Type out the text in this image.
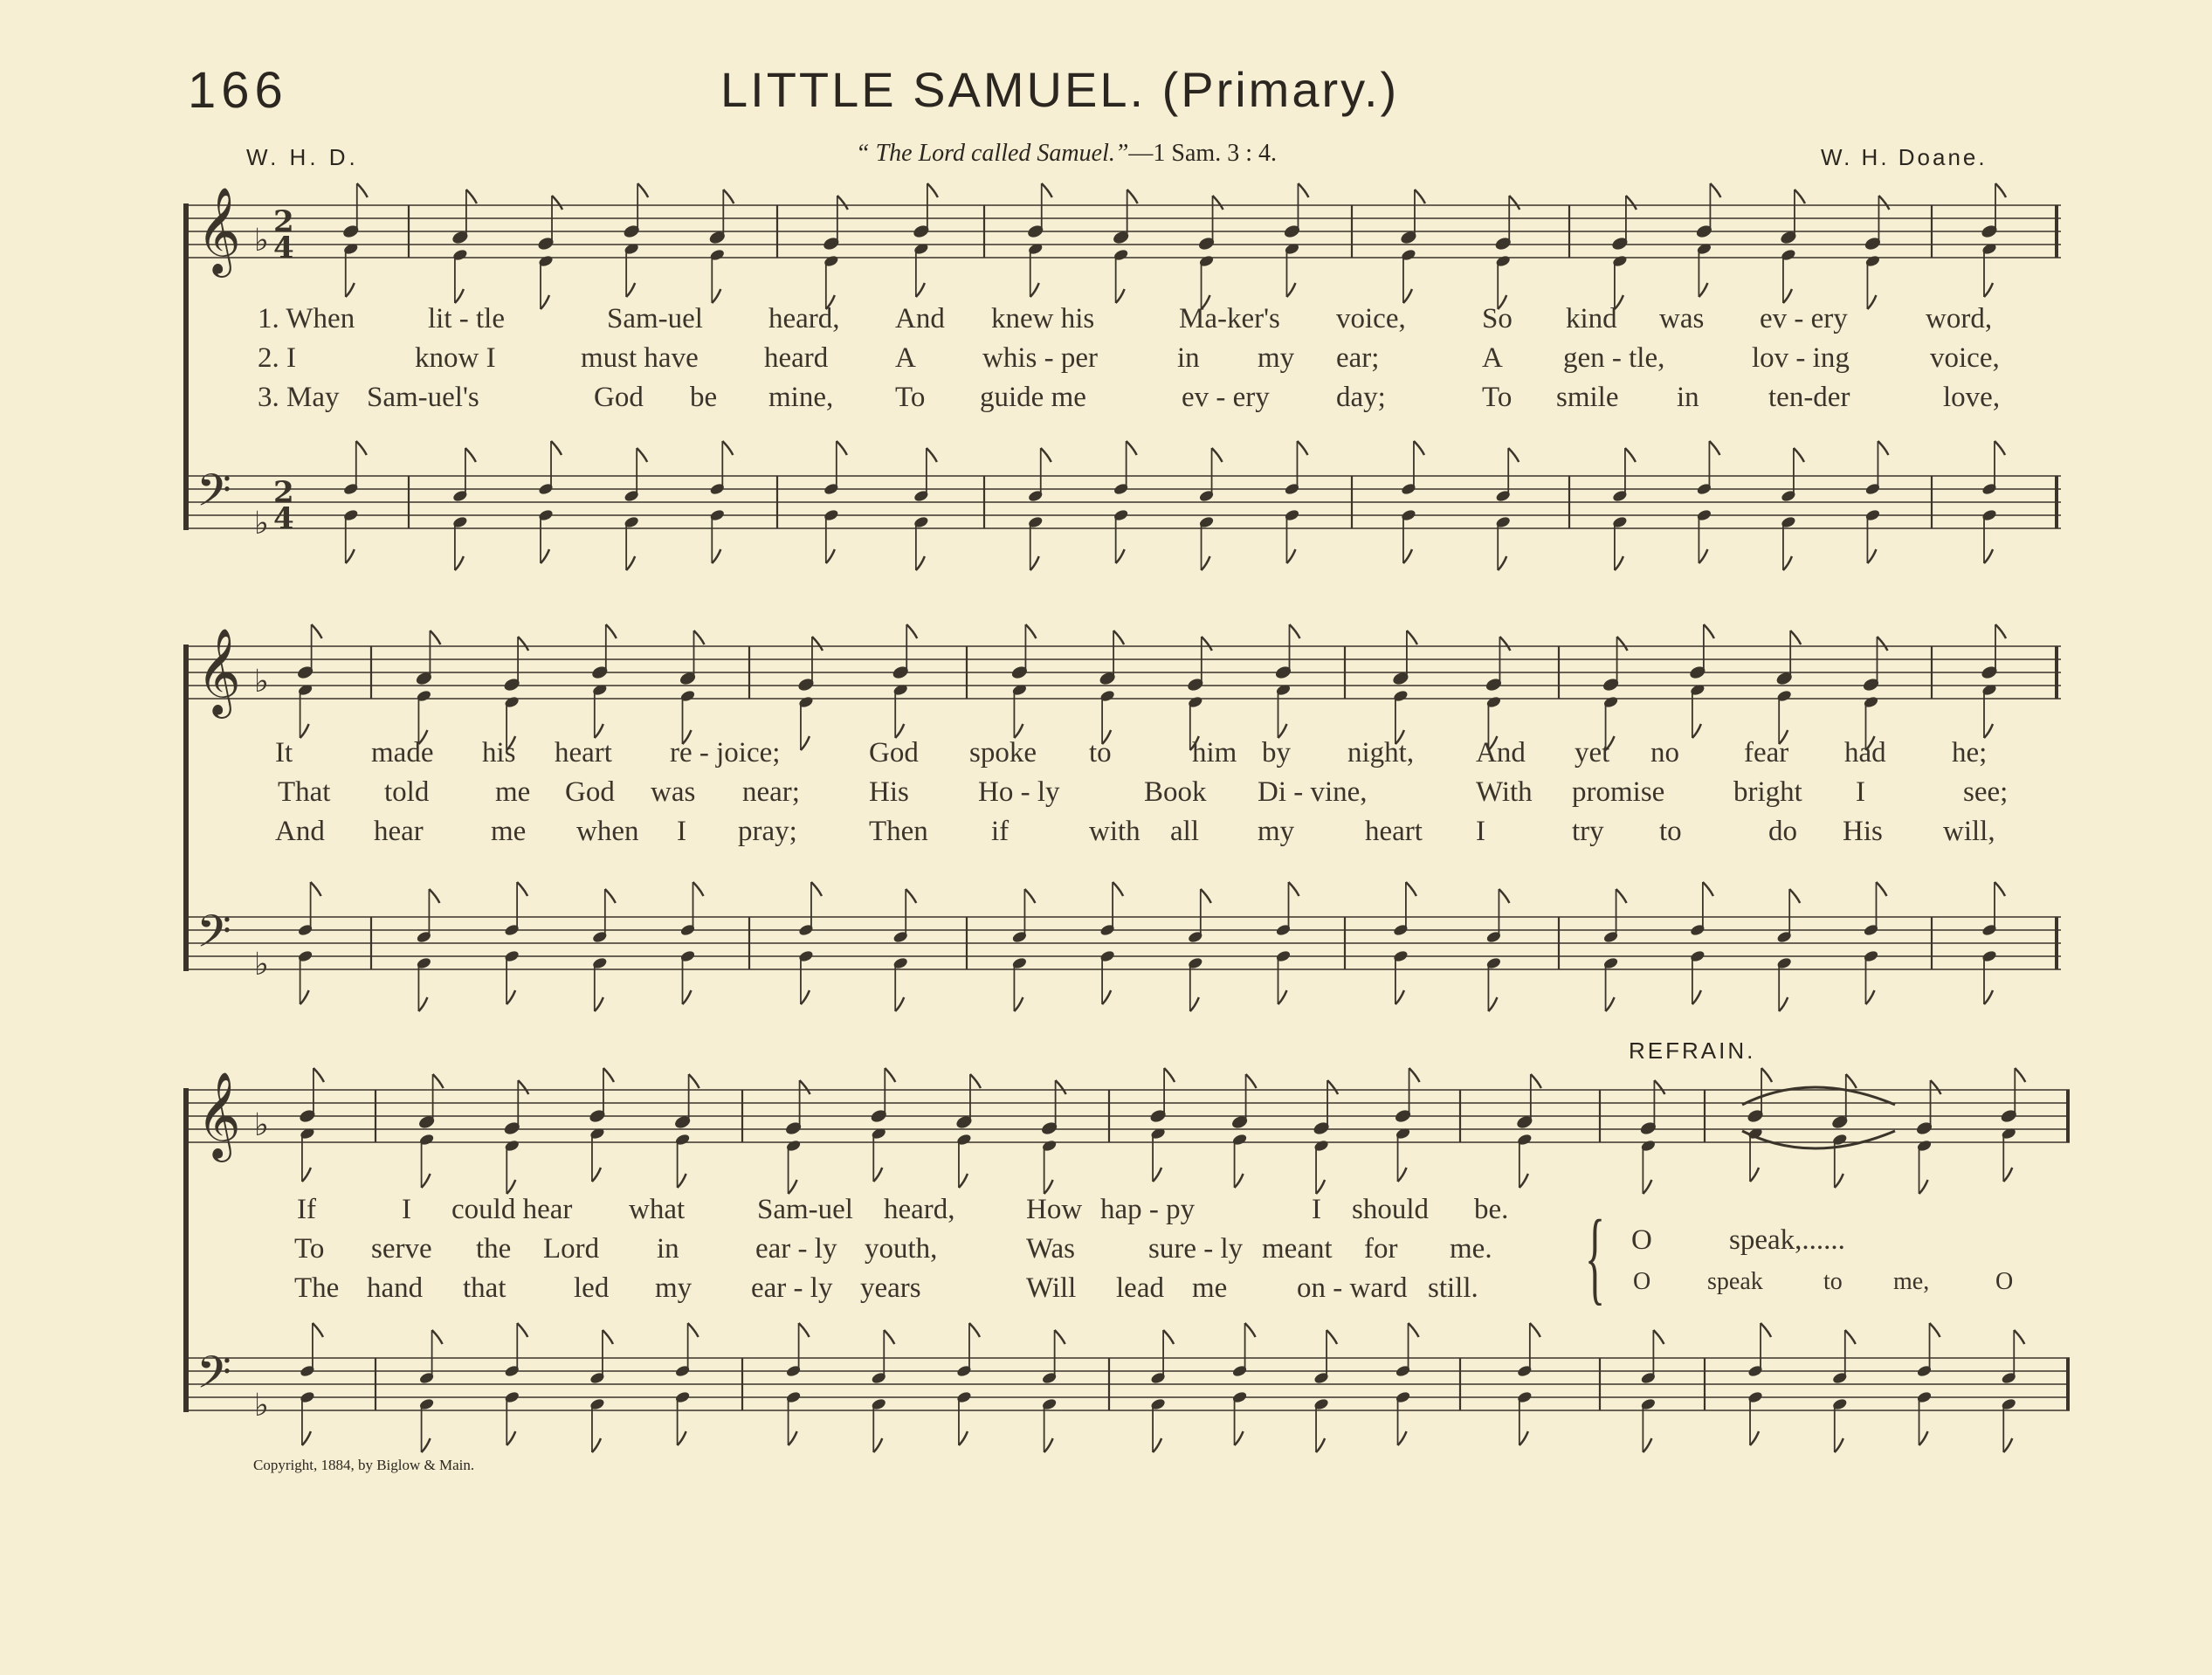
166	LITTLE SAMUEL. (Primary.)
W. H. D.	“ The Lord called Samuel.”—1 Sam. 3 : 4.	W. H. Doane.
REFRAIN.
𝄞
𝄢
♭
♭
2
4
2
4
𝄞
𝄢
♭
♭
𝄞
𝄢
♭
♭
1. When	lit - tle	Sam-uel heard, And knew his	Ma-ker's voice,	So kind was ev - ery	word,
2. I	know I	must have heard A whis - per	in my ear;	A gen - tle,	lov - ing	voice,
3. May Sam-uel's	God be mine, To guide me	ev - ery day;	To smile in ten-der	love,
It	made his heart re - joice;	God spoke to	him by night, And yet no fear had he;
That told me God was near; His Ho - ly	Book Di - vine,	With promise bright I	see;
And hear me when I pray; Then if	with all my heart I	try to	do His will,
If	I could hear what	Sam-uel heard, How hap - py	I should be.
To serve the Lord in	ear - ly youth,	Was	sure - ly meant for me.
The hand that led my ear - ly years	Will lead me on - ward still.
O	speak,......
O speak to me,	O
{
Copyright, 1884, by Biglow & Main.
